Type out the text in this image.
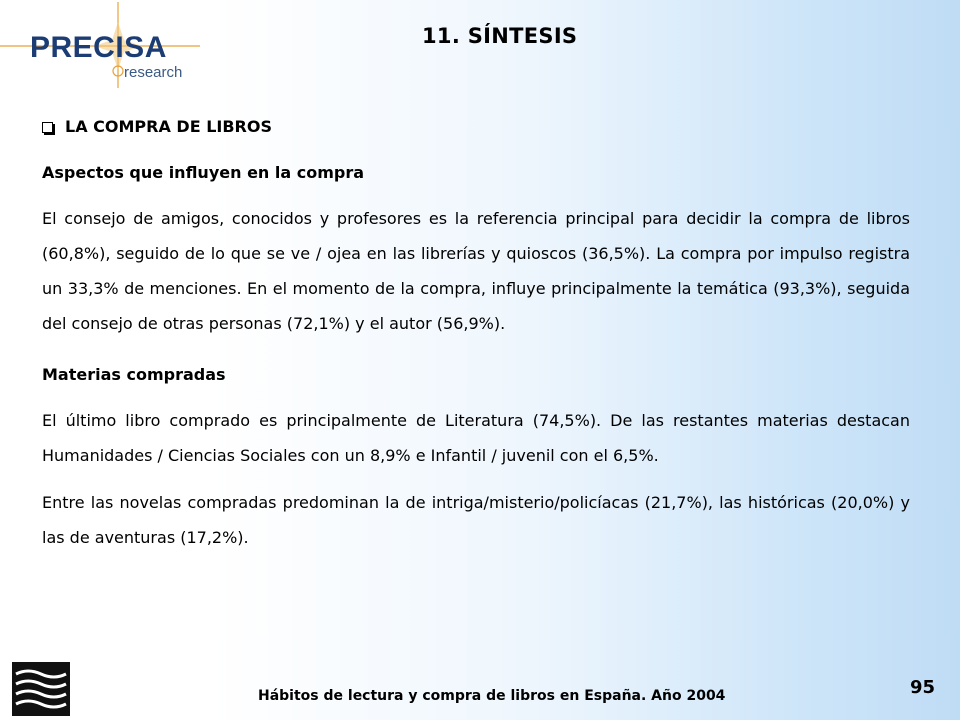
PRECISA
research
11. SÍNTESIS
LA COMPRA DE LIBROS
Aspectos que influyen en la compra
El consejo de amigos, conocidos y profesores es la referencia principal para decidir la compra de libros (60,8%), seguido de lo que se ve / ojea en las librerías y quioscos (36,5%). La compra por impulso registra un 33,3% de menciones. En el momento de la compra, influye principalmente la temática (93,3%), seguida del consejo de otras personas (72,1%) y el autor (56,9%).
Materias compradas
El último libro comprado es principalmente de Literatura (74,5%). De las restantes materias destacan Humanidades / Ciencias Sociales con un 8,9% e Infantil / juvenil con el 6,5%.
Entre las novelas compradas predominan la de intriga/misterio/policíacas (21,7%), las históricas (20,0%) y las de aventuras (17,2%).
Hábitos de lectura y compra de libros en España. Año 2004	95
